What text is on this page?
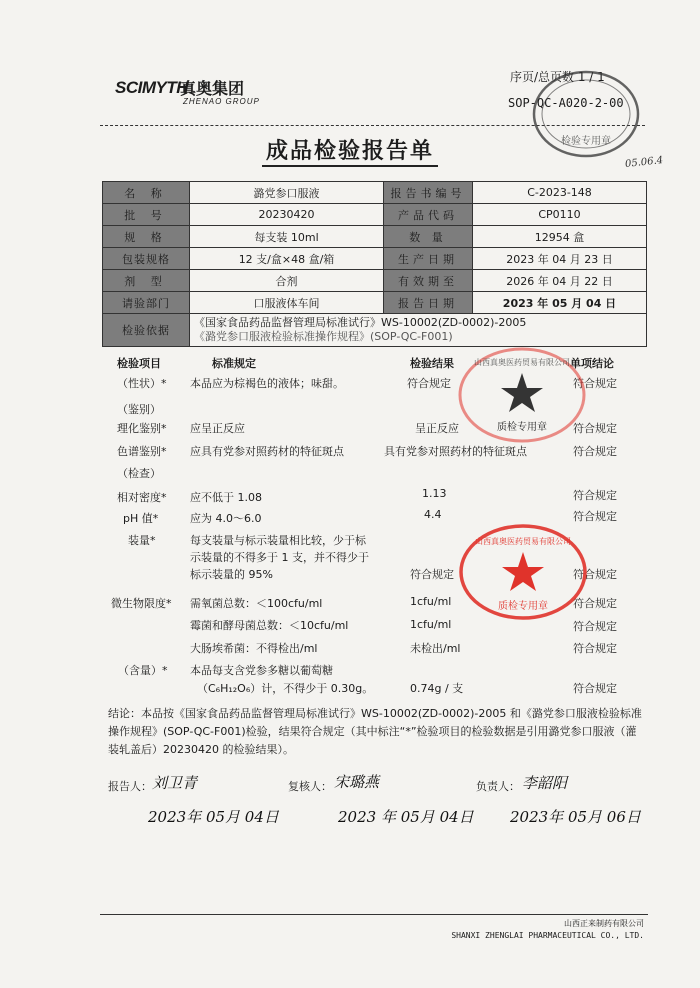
SCIMYTH
真奥集团
ZHENAO GROUP
序页/总页数 1 / 1
SOP-QC-A020-2-00
检验专用章
成品检验报告单	05.06.4
名 称	潞党参口服液	报告书编号	C-2023-148
批 号	20230420	产品代码	CP0110
规 格	每支装 10ml	数 量	12954 盒
包装规格	12 支/盒×48 盒/箱	生产日期	2023 年 04 月 23 日
剂 型	合剂	有效期至	2026 年 04 月 22 日
请验部门	口服液体车间	报告日期	2023 年 05 月 04 日
检验依据	《国家食品药品监督管理局标准试行》WS-10002(ZD-0002)-2005
《潞党参口服液检验标准操作规程》(SOP-QC-F001)		
检验项目	标准规定	检验结果	单项结论
（性状）* 本品应为棕褐色的液体；味甜。	符合规定	符合规定
（鉴别）
理化鉴别* 应呈正反应	呈正反应	符合规定
色谱鉴别* 应具有党参对照药材的特征斑点	具有党参对照药材的特征斑点	符合规定
（检查）
相对密度* 应不低于 1.08	1.13	符合规定
pH 值*	应为 4.0～6.0	4.4	符合规定
装量*	每支装量与标示装量相比较，少于标
示装量的不得多于 1 支，并不得少于
标示装量的 95%	符合规定	符合规定
微生物限度* 需氧菌总数：＜100cfu/ml	1cfu/ml	符合规定
霉菌和酵母菌总数：＜10cfu/ml	1cfu/ml	符合规定
大肠埃希菌：不得检出/ml	未检出/ml	符合规定
（含量）* 本品每支含党参多糖以葡萄糖
（C₆H₁₂O₆）计，不得少于 0.30g。	0.74g / 支	符合规定
质检专用章
山西真奥医药贸易有限公司
质检专用章
山西真奥医药贸易有限公司
结论：本品按《国家食品药品监督管理局标准试行》WS-10002(ZD-0002)-2005 和《潞党参口服液检验标准操作规程》(SOP-QC-F001)检验，结果符合规定（其中标注“*”检验项目的检验数据是引用潞党参口服液（灌装轧盖后）20230420 的检验结果）。
报告人： 刘卫青	复核人： 宋璐燕	负责人： 李韶阳
2023年 05月 04日	2023 年 05月 04日 2023年 05月 06日
山西正来制药有限公司
SHANXI ZHENGLAI PHARMACEUTICAL CO., LTD.
